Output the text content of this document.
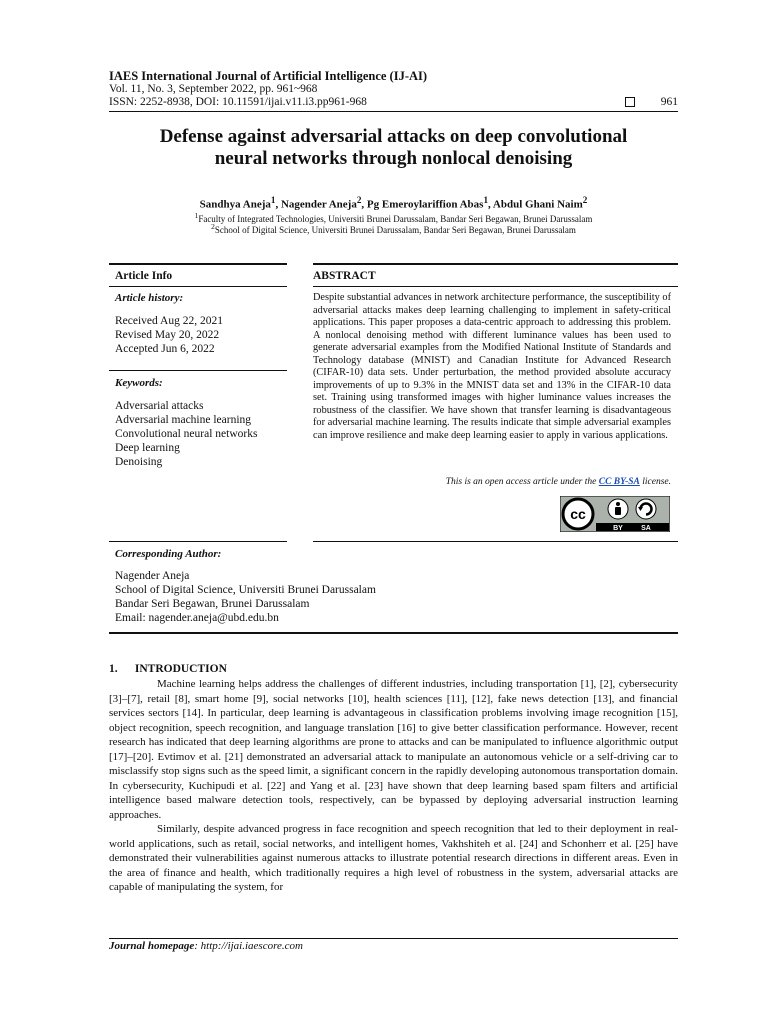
IAES International Journal of Artificial Intelligence (IJ-AI)
Vol. 11, No. 3, September 2022, pp. 961~968
ISSN: 2252-8938, DOI: 10.11591/ijai.v11.i3.pp961-968	961
Defense against adversarial attacks on deep convolutional
neural networks through nonlocal denoising
Sandhya Aneja$^1$, Nagender Aneja$^2$, Pg Emeroylariffion Abas$^1$, Abdul Ghani Naim$^2$
$^1$Faculty of Integrated Technologies, Universiti Brunei Darussalam, Bandar Seri Begawan, Brunei Darussalam
$^2$School of Digital Science, Universiti Brunei Darussalam, Bandar Seri Begawan, Brunei Darussalam
Article Info
Article history:
Received Aug 22, 2021
Revised May 20, 2022
Accepted Jun 6, 2022
Keywords:
Adversarial attacks
Adversarial machine learning
Convolutional neural networks
Deep learning
Denoising
ABSTRACT
Despite substantial advances in network architecture performance, the susceptibility of adversarial attacks makes deep learning challenging to implement in safety-critical applications. This paper proposes a data-centric approach to addressing this problem. A nonlocal denoising method with different luminance values has been used to generate adversarial examples from the Modified National Institute of Standards and Technology database (MNIST) and Canadian Institute for Advanced Research (CIFAR-10) data sets. Under perturbation, the method provided absolute accuracy improvements of up to 9.3% in the MNIST data set and 13% in the CIFAR-10 data set. Training using transformed images with higher luminance values increases the robustness of the classifier. We have shown that transfer learning is disadvantageous for adversarial machine learning. The results indicate that simple adversarial examples can improve resilience and make deep learning easier to apply in various applications.
This is an open access article under the CC BY-SA license.
cc
BY	SA
Corresponding Author:
Nagender Aneja
School of Digital Science, Universiti Brunei Darussalam
Bandar Seri Begawan, Brunei Darussalam
Email: nagender.aneja@ubd.edu.bn
1.      INTRODUCTION

Machine learning helps address the challenges of different industries, including transportation [1], [2], cybersecurity [3]–[7], retail [8], smart home [9], social networks [10], health sciences [11], [12], fake news detection [13], and financial services sectors [14]. In particular, deep learning is advantageous in classification problems involving image recognition [15], object recognition, speech recognition, and language translation [16] to give better classification performance. However, recent research has indicated that deep learning algorithms are prone to attacks and can be manipulated to influence algorithmic output [17]–[20]. Evtimov et al. [21] demonstrated an adversarial attack to manipulate an autonomous vehicle or a self-driving car to misclassify stop signs such as the speed limit, a significant concern in the rapidly developing autonomous transportation domain. In cybersecurity, Kuchipudi et al. [22] and Yang et al. [23] have shown that deep learning based spam filters and artificial intelligence based malware detection tools, respectively, can be bypassed by deploying adversarial instruction learning approaches.

Similarly, despite advanced progress in face recognition and speech recognition that led to their deployment in real-world applications, such as retail, social networks, and intelligent homes, Vakhshiteh et al. [24] and Schonherr et al. [25] have demonstrated their vulnerabilities against numerous attacks to illustrate potential research directions in different areas. Even in the area of finance and health, which traditionally requires a high level of robustness in the system, adversarial attacks are capable of manipulating the system, for

Journal homepage: http://ijai.iaescore.com
